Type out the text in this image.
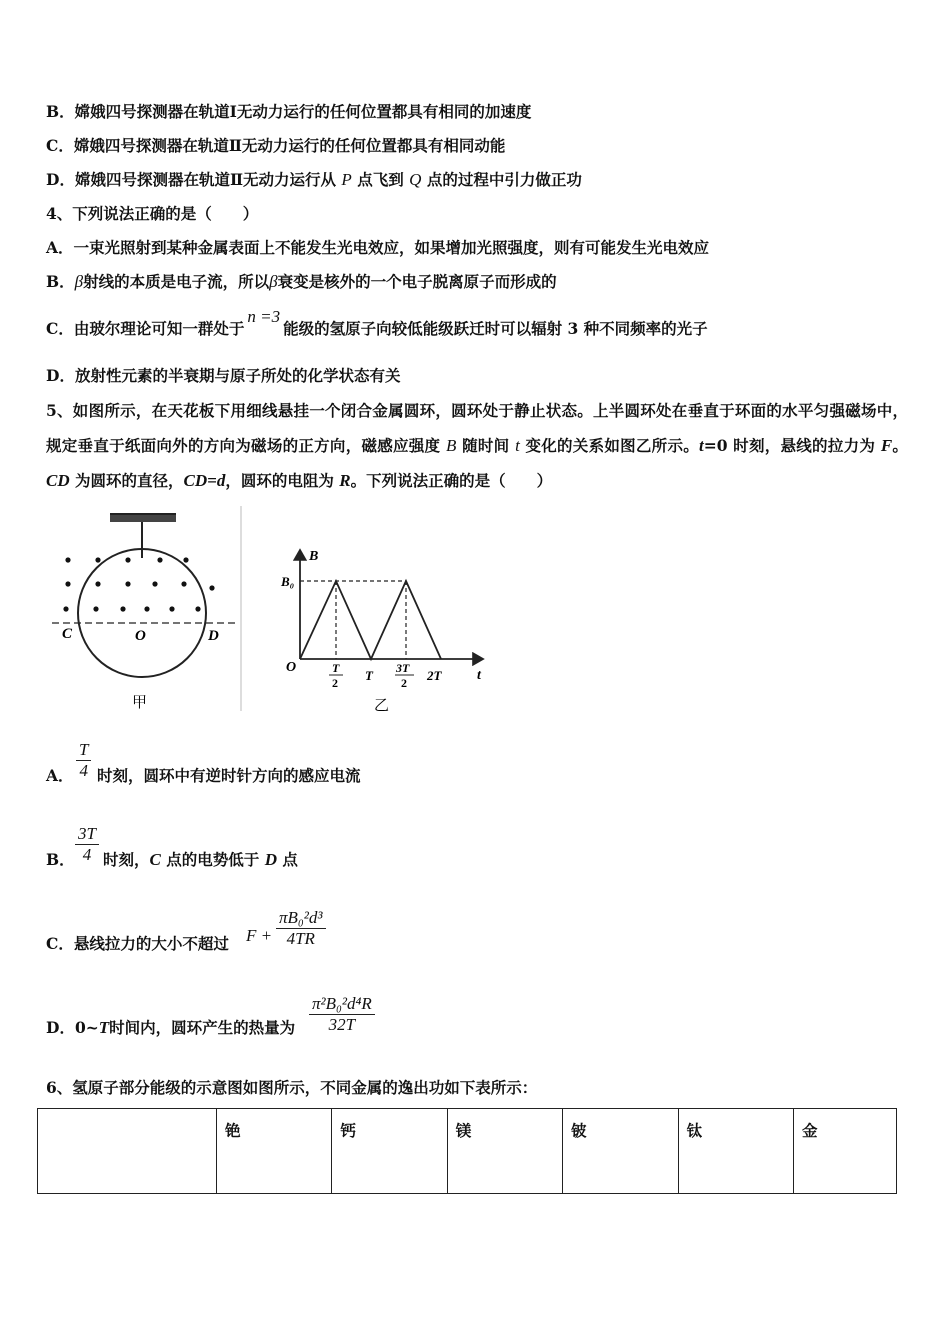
B．嫦娥四号探测器在轨道Ⅰ无动力运行的任何位置都具有相同的加速度
C．嫦娥四号探测器在轨道Ⅱ无动力运行的任何位置都具有相同动能
D．嫦娥四号探测器在轨道Ⅱ无动力运行从 P 点飞到 Q 点的过程中引力做正功
4、下列说法正确的是（　　）
A．一束光照射到某种金属表面上不能发生光电效应，如果增加光照强度，则有可能发生光电效应
B．β射线的本质是电子流，所以β衰变是核外的一个电子脱离原子而形成的
C．由玻尔理论可知一群处于n =3能级的氢原子向较低能级跃迁时可以辐射 3 种不同频率的光子
D．放射性元素的半衰期与原子所处的化学状态有关
5、如图所示，在天花板下用细线悬挂一个闭合金属圆环，圆环处于静止状态。上半圆环处在垂直于环面的水平匀强磁场中，规定垂直于纸面向外的方向为磁场的正方向，磁感应强度 B 随时间 t 变化的关系如图乙所示。t=0 时刻，悬线的拉力为 F。CD 为圆环的直径，CD=d，圆环的电阻为 R。下列说法正确的是（　　）
C	O	D
甲
B
B₀
O
t
T
2 T 3T
2 2T
乙
A． $\frac{T}{4}$ 时刻，圆环中有逆时针方向的感应电流
B． $\frac{3T}{4}$ 时刻，C 点的电势低于 D 点
C．悬线拉力的大小不超过 $F + \frac{\text{πB₀²d³}}{4TR}$
D．0~T时间内，圆环产生的热量为 $\frac{\text{π²B₀²d⁴R}}{32T}$
6、氢原子部分能级的示意图如图所示，不同金属的逸出功如下表所示：
	铯	钙	镁	铍	钛	金
